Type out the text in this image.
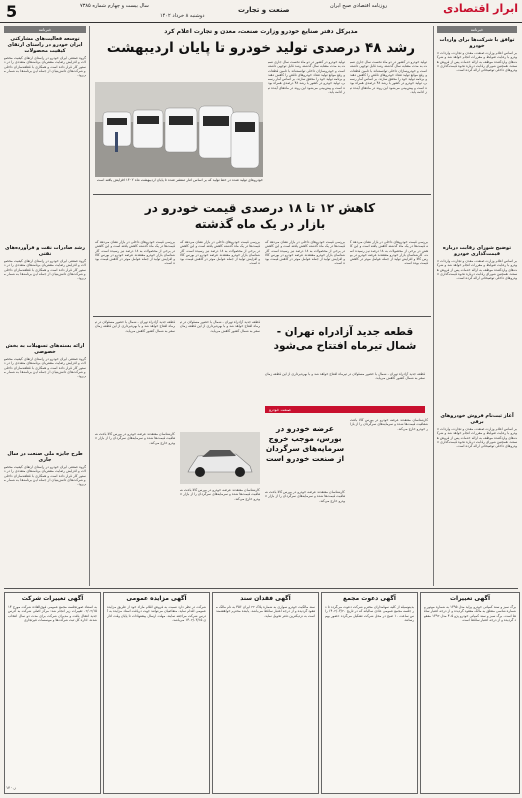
5	سال بیست و چهارم شماره ۷۳۸۵
دوشنبه ۸ خرداد ۱۴۰۲
صنعت و تجارت	روزنامه اقتصادی صبح ایران	ابرار اقتصادی
خبرنامه
توافق با شرکت‌ها برای واردات خودرو
بر اساس اعلام وزارت صنعت، معدن و تجارت، واردات خودرو با رعایت ضوابط و مقررات انجام خواهد شد و شرکت‌های واردکننده موظف به ارائه خدمات پس از فروش هستند. همچنین شورای رقابت درباره نحوه قیمت‌گذاری خودروهای داخلی توضیحاتی ارائه کرده است.
توضیح شورای رقابت درباره قیمت‌گذاری خودرو
بر اساس اعلام وزارت صنعت، معدن و تجارت، واردات خودرو با رعایت ضوابط و مقررات انجام خواهد شد و شرکت‌های واردکننده موظف به ارائه خدمات پس از فروش هستند. همچنین شورای رقابت درباره نحوه قیمت‌گذاری خودروهای داخلی توضیحاتی ارائه کرده است.
آغاز ثبت‌نام فروش خودروهای برقی
بر اساس اعلام وزارت صنعت، معدن و تجارت، واردات خودرو با رعایت ضوابط و مقررات انجام خواهد شد و شرکت‌های واردکننده موظف به ارائه خدمات پس از فروش هستند. همچنین شورای رقابت درباره نحوه قیمت‌گذاری خودروهای داخلی توضیحاتی ارائه کرده است.
خبرنامه
توسعه فعالیت‌های مشارکتی ایران خودرو در راستای ارتقای کیفیت محصولات
گروه صنعتی ایران خودرو در راستای ارتقای کیفیت محصولات و افزایش رضایت مشتریان برنامه‌های متعددی را در دستور کار قرار داده است و همکاری با قطعه‌سازان داخلی و شرکت‌های دانش‌بنیان از جمله این برنامه‌ها به شمار می‌رود.
رشد صادرات نفت و فرآورده‌های نفتی
گروه صنعتی ایران خودرو در راستای ارتقای کیفیت محصولات و افزایش رضایت مشتریان برنامه‌های متعددی را در دستور کار قرار داده است و همکاری با قطعه‌سازان داخلی و شرکت‌های دانش‌بنیان از جمله این برنامه‌ها به شمار می‌رود.
ارائه بسته‌های تسهیلات به بخش خصوصی
گروه صنعتی ایران خودرو در راستای ارتقای کیفیت محصولات و افزایش رضایت مشتریان برنامه‌های متعددی را در دستور کار قرار داده است و همکاری با قطعه‌سازان داخلی و شرکت‌های دانش‌بنیان از جمله این برنامه‌ها به شمار می‌رود.
طرح جایزه ملی صنعت در سال جاری
گروه صنعتی ایران خودرو در راستای ارتقای کیفیت محصولات و افزایش رضایت مشتریان برنامه‌های متعددی را در دستور کار قرار داده است و همکاری با قطعه‌سازان داخلی و شرکت‌های دانش‌بنیان از جمله این برنامه‌ها به شمار می‌رود.
مدیرکل دفتر صنایع خودرو وزارت صنعت، معدن و تجارت اعلام کرد
رشد ۴۸ درصدی تولید خودرو تا پایان اردیبهشت
خودروهای تولید شده در خط تولید که بر اساس آمار منتشر شده تا پایان اردیبهشت ماه ۱۴۰۲ افزایش یافته است
تولید خودرو در کشور در دو ماه نخست سال جاری نسبت به مدت مشابه سال گذشته رشد قابل توجهی داشته است و خودروسازان داخلی توانسته‌اند با تامین قطعات و رفع موانع تولید تعداد خودروهای ناقص را کاهش دهند و برنامه تولید خود را محقق سازند. بر اساس آمار رسمی، تولید خودرو در کشور با رشد ۴۸ درصدی همراه بوده است و پیش‌بینی می‌شود این روند در ماه‌های آینده نیز ادامه یابد.
تولید خودرو در کشور در دو ماه نخست سال جاری نسبت به مدت مشابه سال گذشته رشد قابل توجهی داشته است و خودروسازان داخلی توانسته‌اند با تامین قطعات و رفع موانع تولید تعداد خودروهای ناقص را کاهش دهند و برنامه تولید خود را محقق سازند. بر اساس آمار رسمی، تولید خودرو در کشور با رشد ۴۸ درصدی همراه بوده است و پیش‌بینی می‌شود این روند در ماه‌های آینده نیز ادامه یابد.
کاهش ۱۲ تا ۱۸ درصدی قیمت خودرو در بازار در یک ماه گذشته
بررسی قیمت خودروهای داخلی در بازار نشان می‌دهد که قیمت‌ها در یک ماه گذشته کاهش یافته است و این کاهش در برخی از محصولات به ۱۸ درصد نیز رسیده است. کارشناسان بازار خودرو معتقدند عرضه خودرو در بورس کالا و افزایش تولید از جمله عوامل موثر در کاهش قیمت بوده است.
بررسی قیمت خودروهای داخلی در بازار نشان می‌دهد که قیمت‌ها در یک ماه گذشته کاهش یافته است و این کاهش در برخی از محصولات به ۱۸ درصد نیز رسیده است. کارشناسان بازار خودرو معتقدند عرضه خودرو در بورس کالا و افزایش تولید از جمله عوامل موثر در کاهش قیمت بوده است.
بررسی قیمت خودروهای داخلی در بازار نشان می‌دهد که قیمت‌ها در یک ماه گذشته کاهش یافته است و این کاهش در برخی از محصولات به ۱۸ درصد نیز رسیده است. کارشناسان بازار خودرو معتقدند عرضه خودرو در بورس کالا و افزایش تولید از جمله عوامل موثر در کاهش قیمت بوده است.
بررسی قیمت خودروهای داخلی در بازار نشان می‌دهد که قیمت‌ها در یک ماه گذشته کاهش یافته است و این کاهش در برخی از محصولات به ۱۸ درصد نیز رسیده است. کارشناسان بازار خودرو معتقدند عرضه خودرو در بورس کالا و افزایش تولید از جمله عوامل موثر در کاهش قیمت بوده است.
قطعه جدید آزادراه تهران - شمال با حضور مسئولان در تیرماه افتتاح خواهد شد و با بهره‌برداری از این قطعه زمان سفر به شمال کشور کاهش می‌یابد.
قطعه جدید آزادراه تهران - شمال با حضور مسئولان در تیرماه افتتاح خواهد شد و با بهره‌برداری از این قطعه زمان سفر به شمال کشور کاهش می‌یابد.	قطعه جدید آزادراه تهران - شمال تیرماه افتتاح می‌شود
قطعه جدید آزادراه تهران - شمال با حضور مسئولان در تیرماه افتتاح خواهد شد و با بهره‌برداری از این قطعه زمان سفر به شمال کشور کاهش می‌یابد.
صنعت خودرو
عرضه خودرو در بورس، موجب خروج سرمایه‌های سرگردان از صنعت خودرو است
کارشناسان معتقدند عرضه خودرو در بورس کالا باعث شفافیت قیمت‌ها شده و سرمایه‌های سرگردان را از بازار خودرو خارج می‌کند.
کارشناسان معتقدند عرضه خودرو در بورس کالا باعث شفافیت قیمت‌ها شده و سرمایه‌های سرگردان را از بازار خودرو خارج می‌کند.
کارشناسان معتقدند عرضه خودرو در بورس کالا باعث شفافیت قیمت‌ها شده و سرمایه‌های سرگردان را از بازار خودرو خارج می‌کند.
کارشناسان معتقدند عرضه خودرو در بورس کالا باعث شفافیت قیمت‌ها شده و سرمایه‌های سرگردان را از بازار خودرو خارج می‌کند.
آگهی تغییرات شرکت
به استناد صورتجلسه مجمع عمومی فوق‌العاده شرکت مورخ ۱۴۰۲/۰۲/۱۵ تغییرات زیر انجام شد: مرکز اصلی شرکت به آدرس جدید انتقال یافت و مدیران شرکت برای مدت دو سال انتخاب شدند. اداره کل ثبت شرکت‌ها و موسسات غیرتجاری
آگهی مزایده عمومی
شرکت در نظر دارد نسبت به فروش اقلام مازاد خود از طریق مزایده عمومی اقدام نماید. متقاضیان می‌توانند جهت دریافت اسناد مزایده به آدرس شرکت مراجعه نمایند. مهلت ارسال پیشنهادات تا پایان وقت اداری ۱۴۰۲/۰۳/۱۵ می‌باشد.
آگهی فقدان سند
سند مالکیت خودرو سواری به شماره پلاک ۲۲ ایران ۴۵۶ به نام مالک مفقود گردیده و از درجه اعتبار ساقط می‌باشد. یابنده محترم خواهشمند است به نزدیکترین دفتر تحویل نماید.
آگهی دعوت مجمع
بدینوسیله از کلیه سهامداران محترم شرکت دعوت می‌گردد تا در جلسه مجمع عمومی عادی سالیانه که در تاریخ ۱۴۰۲/۰۳/۲۰ راس ساعت ۱۰ صبح در محل شرکت تشکیل می‌گردد حضور بهم رسانند.
آگهی تغییرات
برگ سبز و سند کمپانی خودرو پراید مدل ۱۳۹۵ به شماره موتور و شماره شاسی متعلق به مالک مفقود گردیده و از درجه اعتبار ساقط است. برگ سبز و سند کمپانی خودرو پژو ۴۰۵ مدل ۱۳۹۲ مفقود گردیده و از درجه اعتبار ساقط است.
ز.۱۴۰
